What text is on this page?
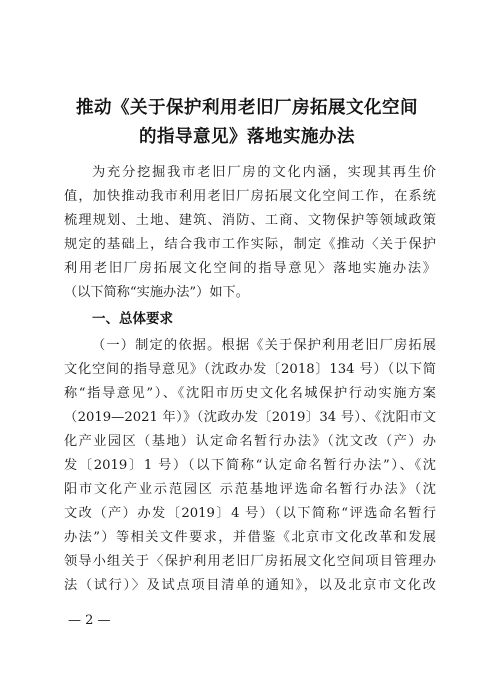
推动《关于保护利用老旧厂房拓展文化空间
的指导意见》落地实施办法
为充分挖掘我市老旧厂房的文化内涵，实现其再生价
值，加快推动我市利用老旧厂房拓展文化空间工作，在系统
梳理规划、土地、建筑、消防、工商、文物保护等领域政策
规定的基础上，结合我市工作实际，制定《推动〈关于保护
利用老旧厂房拓展文化空间的指导意见〉落地实施办法》
（以下简称“实施办法”）如下。
一、总体要求
（一）制定的依据。根据《关于保护利用老旧厂房拓展
文化空间的指导意见》（沈政办发〔2018〕134 号）（以下简
称“指导意见”）、《沈阳市历史文化名城保护行动实施方案
（2019—2021 年）》（沈政办发〔2019〕34 号）、《沈阳市文
化产业园区（基地）认定命名暂行办法》（沈文改（产）办
发〔2019〕1 号）（以下简称“认定命名暂行办法”）、《沈
阳市文化产业示范园区 示范基地评选命名暂行办法》（沈
文改（产）办发〔2019〕4 号）（以下简称“评选命名暂行
办法”）等相关文件要求，并借鉴《北京市文化改革和发展
领导小组关于〈保护利用老旧厂房拓展文化空间项目管理办
法（试行）〉及试点项目清单的通知》，以及北京市文化改
— 2 —
